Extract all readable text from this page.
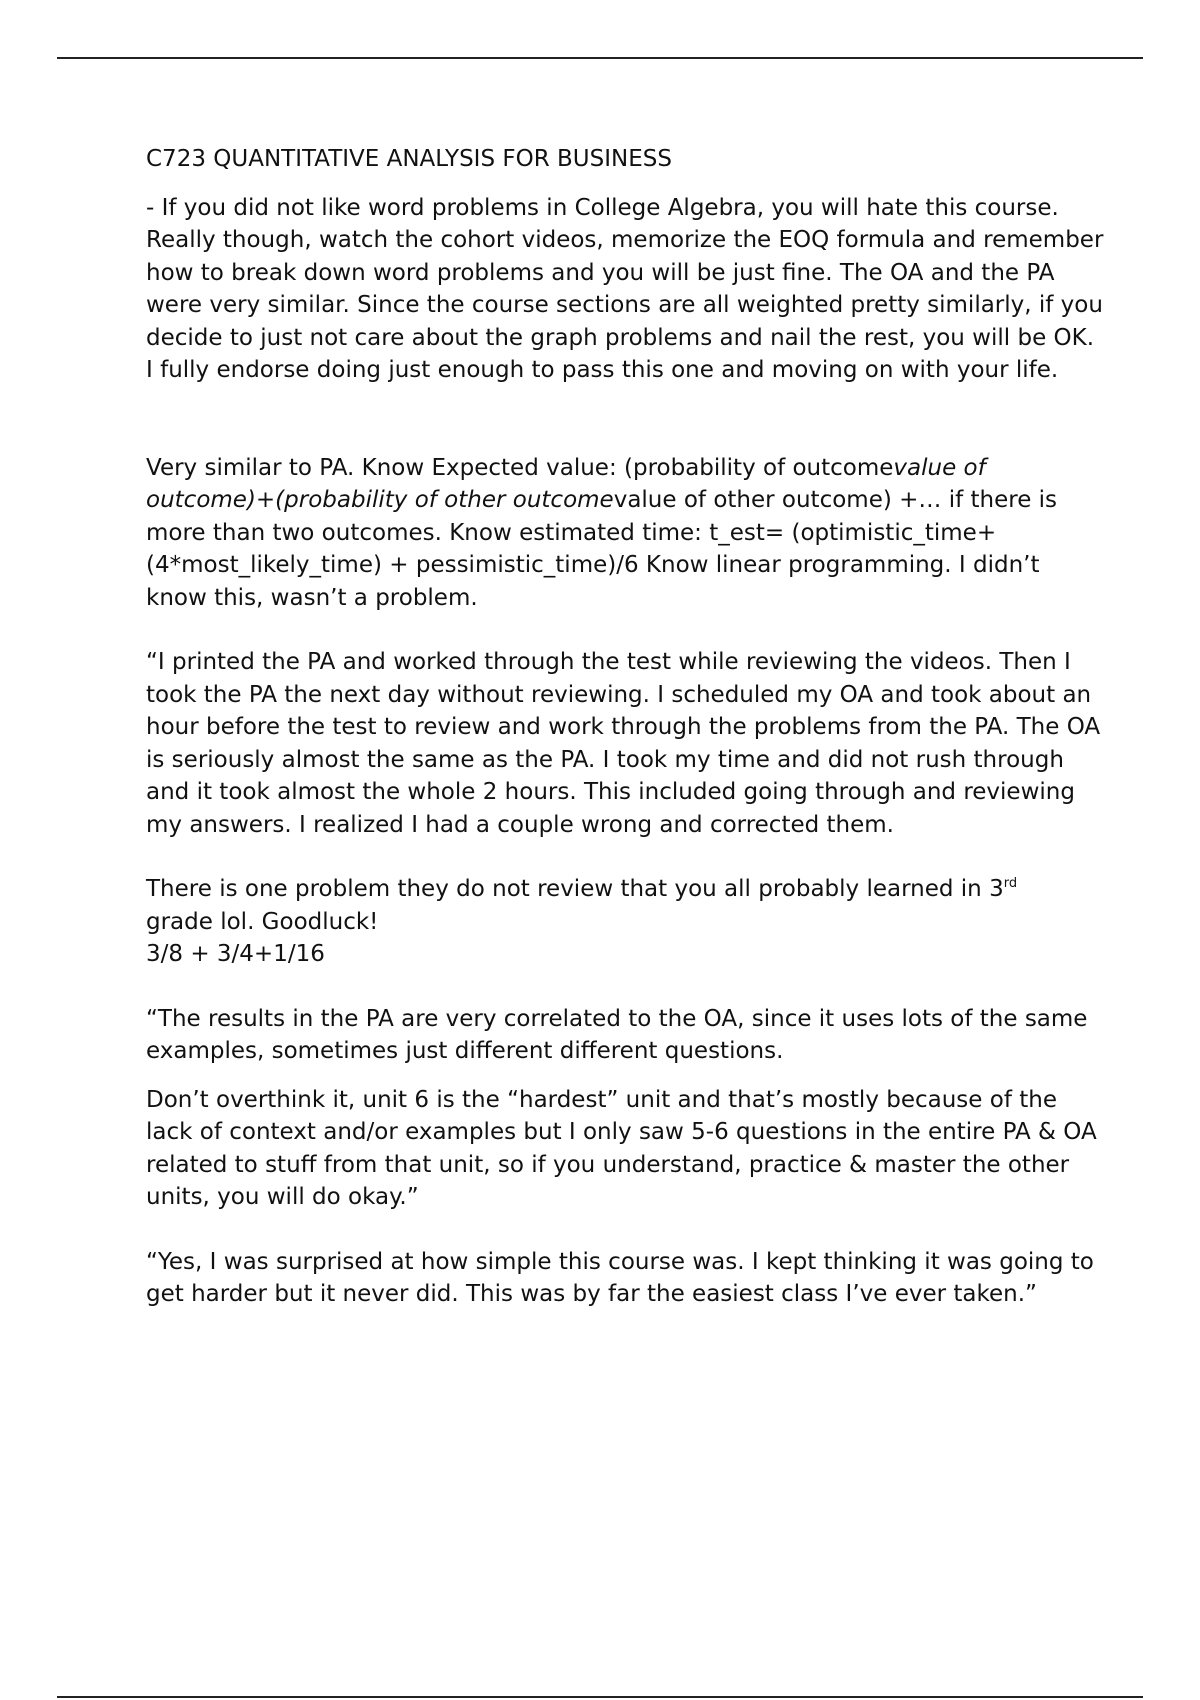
C723 QUANTITATIVE ANALYSIS FOR BUSINESS

- If you did not like word problems in College Algebra, you will hate this course. Really though, watch the cohort videos, memorize the EOQ formula and remember how to break down word problems and you will be just fine. The OA and the PA were very similar. Since the course sections are all weighted pretty similarly, if you decide to just not care about the graph problems and nail the rest, you will be OK. I fully endorse doing just enough to pass this one and moving on with your life.

Very similar to PA. Know Expected value: (probability of outcomevalue of outcome)+(probability of other outcomevalue of other outcome) +… if there is more than two outcomes. Know estimated time: t_est= (optimistic_time+(4*most_likely_time) + pessimistic_time)/6 Know linear programming. I didn’t know this, wasn’t a problem.

“I printed the PA and worked through the test while reviewing the videos. Then I took the PA the next day without reviewing. I scheduled my OA and took about an hour before the test to review and work through the problems from the PA. The OA is seriously almost the same as the PA. I took my time and did not rush through and it took almost the whole 2 hours. This included going through and reviewing my answers. I realized I had a couple wrong and corrected them.

There is one problem they do not review that you all probably learned in 3rd
grade lol. Goodluck!
3/8 + 3/4+1/16

“The results in the PA are very correlated to the OA, since it uses lots of the same examples, sometimes just different different questions.

Don’t overthink it, unit 6 is the “hardest” unit and that’s mostly because of the lack of context and/or examples but I only saw 5-6 questions in the entire PA & OA related to stuff from that unit, so if you understand, practice & master the other units, you will do okay.”

“Yes, I was surprised at how simple this course was. I kept thinking it was going to get harder but it never did. This was by far the easiest class I’ve ever taken.”
